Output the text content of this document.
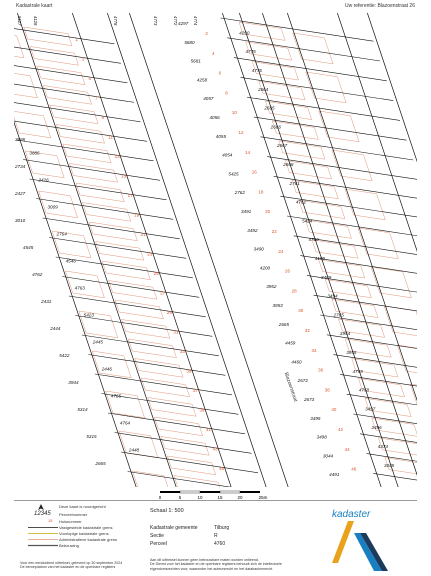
Kadastrale kaart	Uw referentie: Blazoenstraat 26
1
3
5
7
9
11
13
15
17
19
21
23
25
27
29
31
33
35
37
39
41
43
45
2
4
6
8
10
12
14
16
18
20
22
24
26
28
30
32
34
36
38
40
42
44
46
4297
4290
5680
4775
5681
4776
4258
2664
4057
2665
4056
2666
4055
2667
4054
2668
5425
2761
2762
4761
3491
5424
3492
4760
3490
4199
4200
3489
3952
3494
3953
2765
2665
3954
4459
3955
4460
4759
2672
4758
2673
3497
3495
3496
3498
4374
3044
3045
4491
3885
3886
2734
2426
2427
3009
3010
2764
4545
4546
4762
4763
2431
5423
2444
2445
5422
2446
3944
4765
5314
4764
5315
2448
2665
5127	4128	4778	4773	4772	4774
Blazoenstraat
0	5	10	15	20	25m
Deze kaart is noordgericht
12345 Perceelnummer
15 Huisnummer
Vastgestelde kadastrale grens
Voorlopige kadastrale grens
Administratieve kadastrale grens
Bebouwing
Schaal 1: 500
Kadastrale gemeente	Tilburg
Sectie	R
Perceel	4760
Voor een eenduidend uittreksel, geleverd op 30 september 2024
De beroepdatum van het kadaster en de openbare registers
Aan dit uittreksel kunnen geen betrouwbare maten worden ontleend.
De Dienst voor het kadaster en de openbare registers behoudt zich de intellectuele
eigendomsrechten voor, waaronder het auteursrecht en het databankenrecht.
kadaster
